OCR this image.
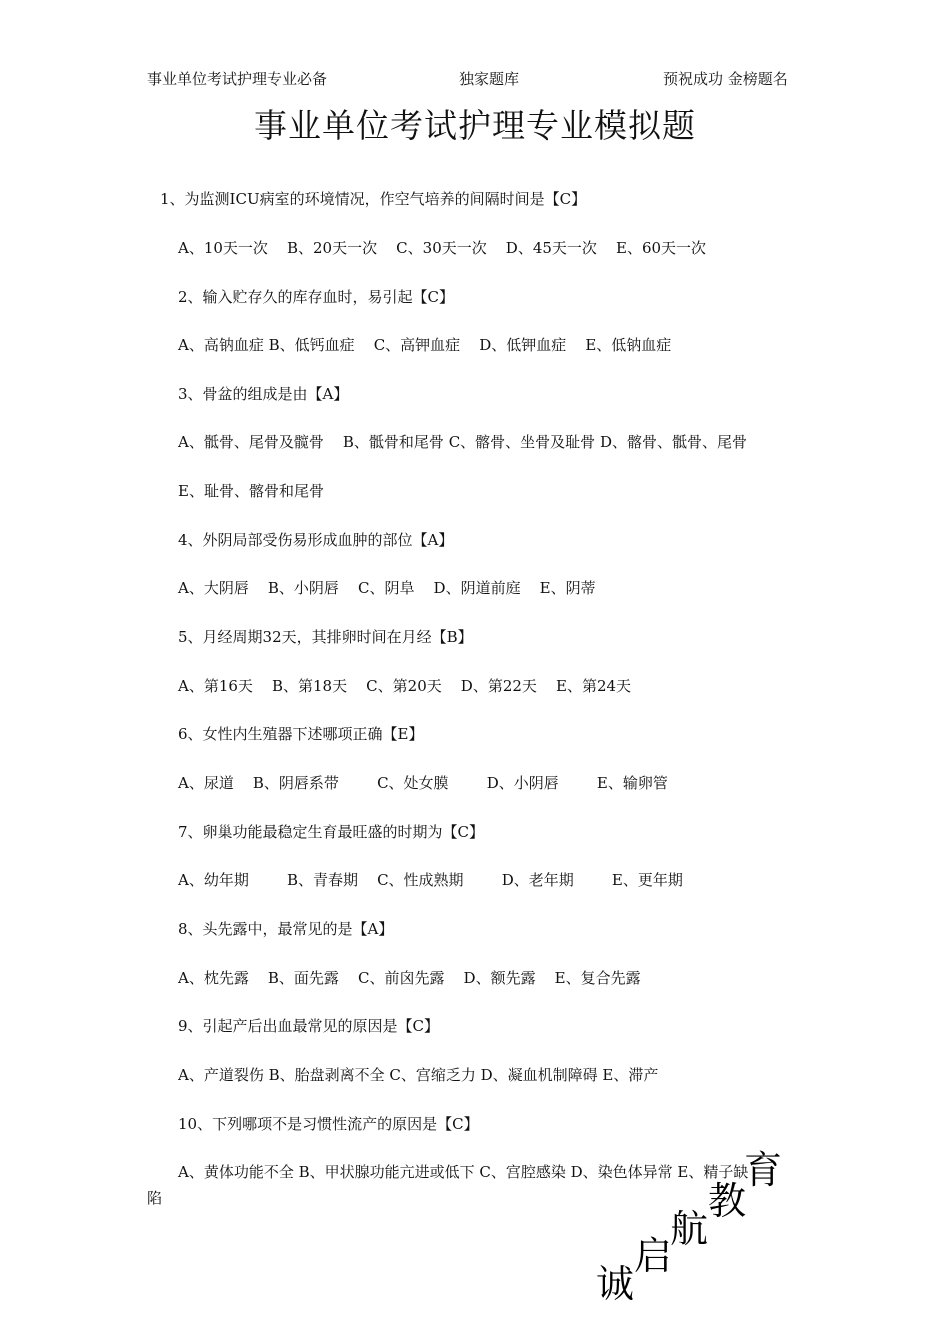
事业单位考试护理专业必备	独家题库	预祝成功 金榜题名
事业单位考试护理专业模拟题
1、为监测ICU病室的环境情况，作空气培养的间隔时间是【C】
A、10天一次    B、20天一次    C、30天一次    D、45天一次    E、60天一次
2、输入贮存久的库存血时，易引起【C】
A、高钠血症 B、低钙血症    C、高钾血症    D、低钾血症    E、低钠血症
3、骨盆的组成是由【A】
A、骶骨、尾骨及髋骨    B、骶骨和尾骨 C、髂骨、坐骨及耻骨 D、髂骨、骶骨、尾骨
E、耻骨、髂骨和尾骨
4、外阴局部受伤易形成血肿的部位【A】
A、大阴唇    B、小阴唇    C、阴阜    D、阴道前庭    E、阴蒂
5、月经周期32天，其排卵时间在月经【B】
A、第16天    B、第18天    C、第20天    D、第22天    E、第24天
6、女性内生殖器下述哪项正确【E】
A、尿道    B、阴唇系带        C、处女膜        D、小阴唇        E、输卵管
7、卵巢功能最稳定生育最旺盛的时期为【C】
A、幼年期        B、青春期    C、性成熟期        D、老年期        E、更年期
8、头先露中，最常见的是【A】
A、枕先露    B、面先露    C、前囟先露    D、额先露    E、复合先露
9、引起产后出血最常见的原因是【C】
A、产道裂伤 B、胎盘剥离不全 C、宫缩乏力 D、凝血机制障碍 E、滞产
10、下列哪项不是习惯性流产的原因是【C】
A、黄体功能不全 B、甲状腺功能亢进或低下 C、宫腔感染 D、染色体异常 E、精子缺
陷
诚
启
航
教
育
